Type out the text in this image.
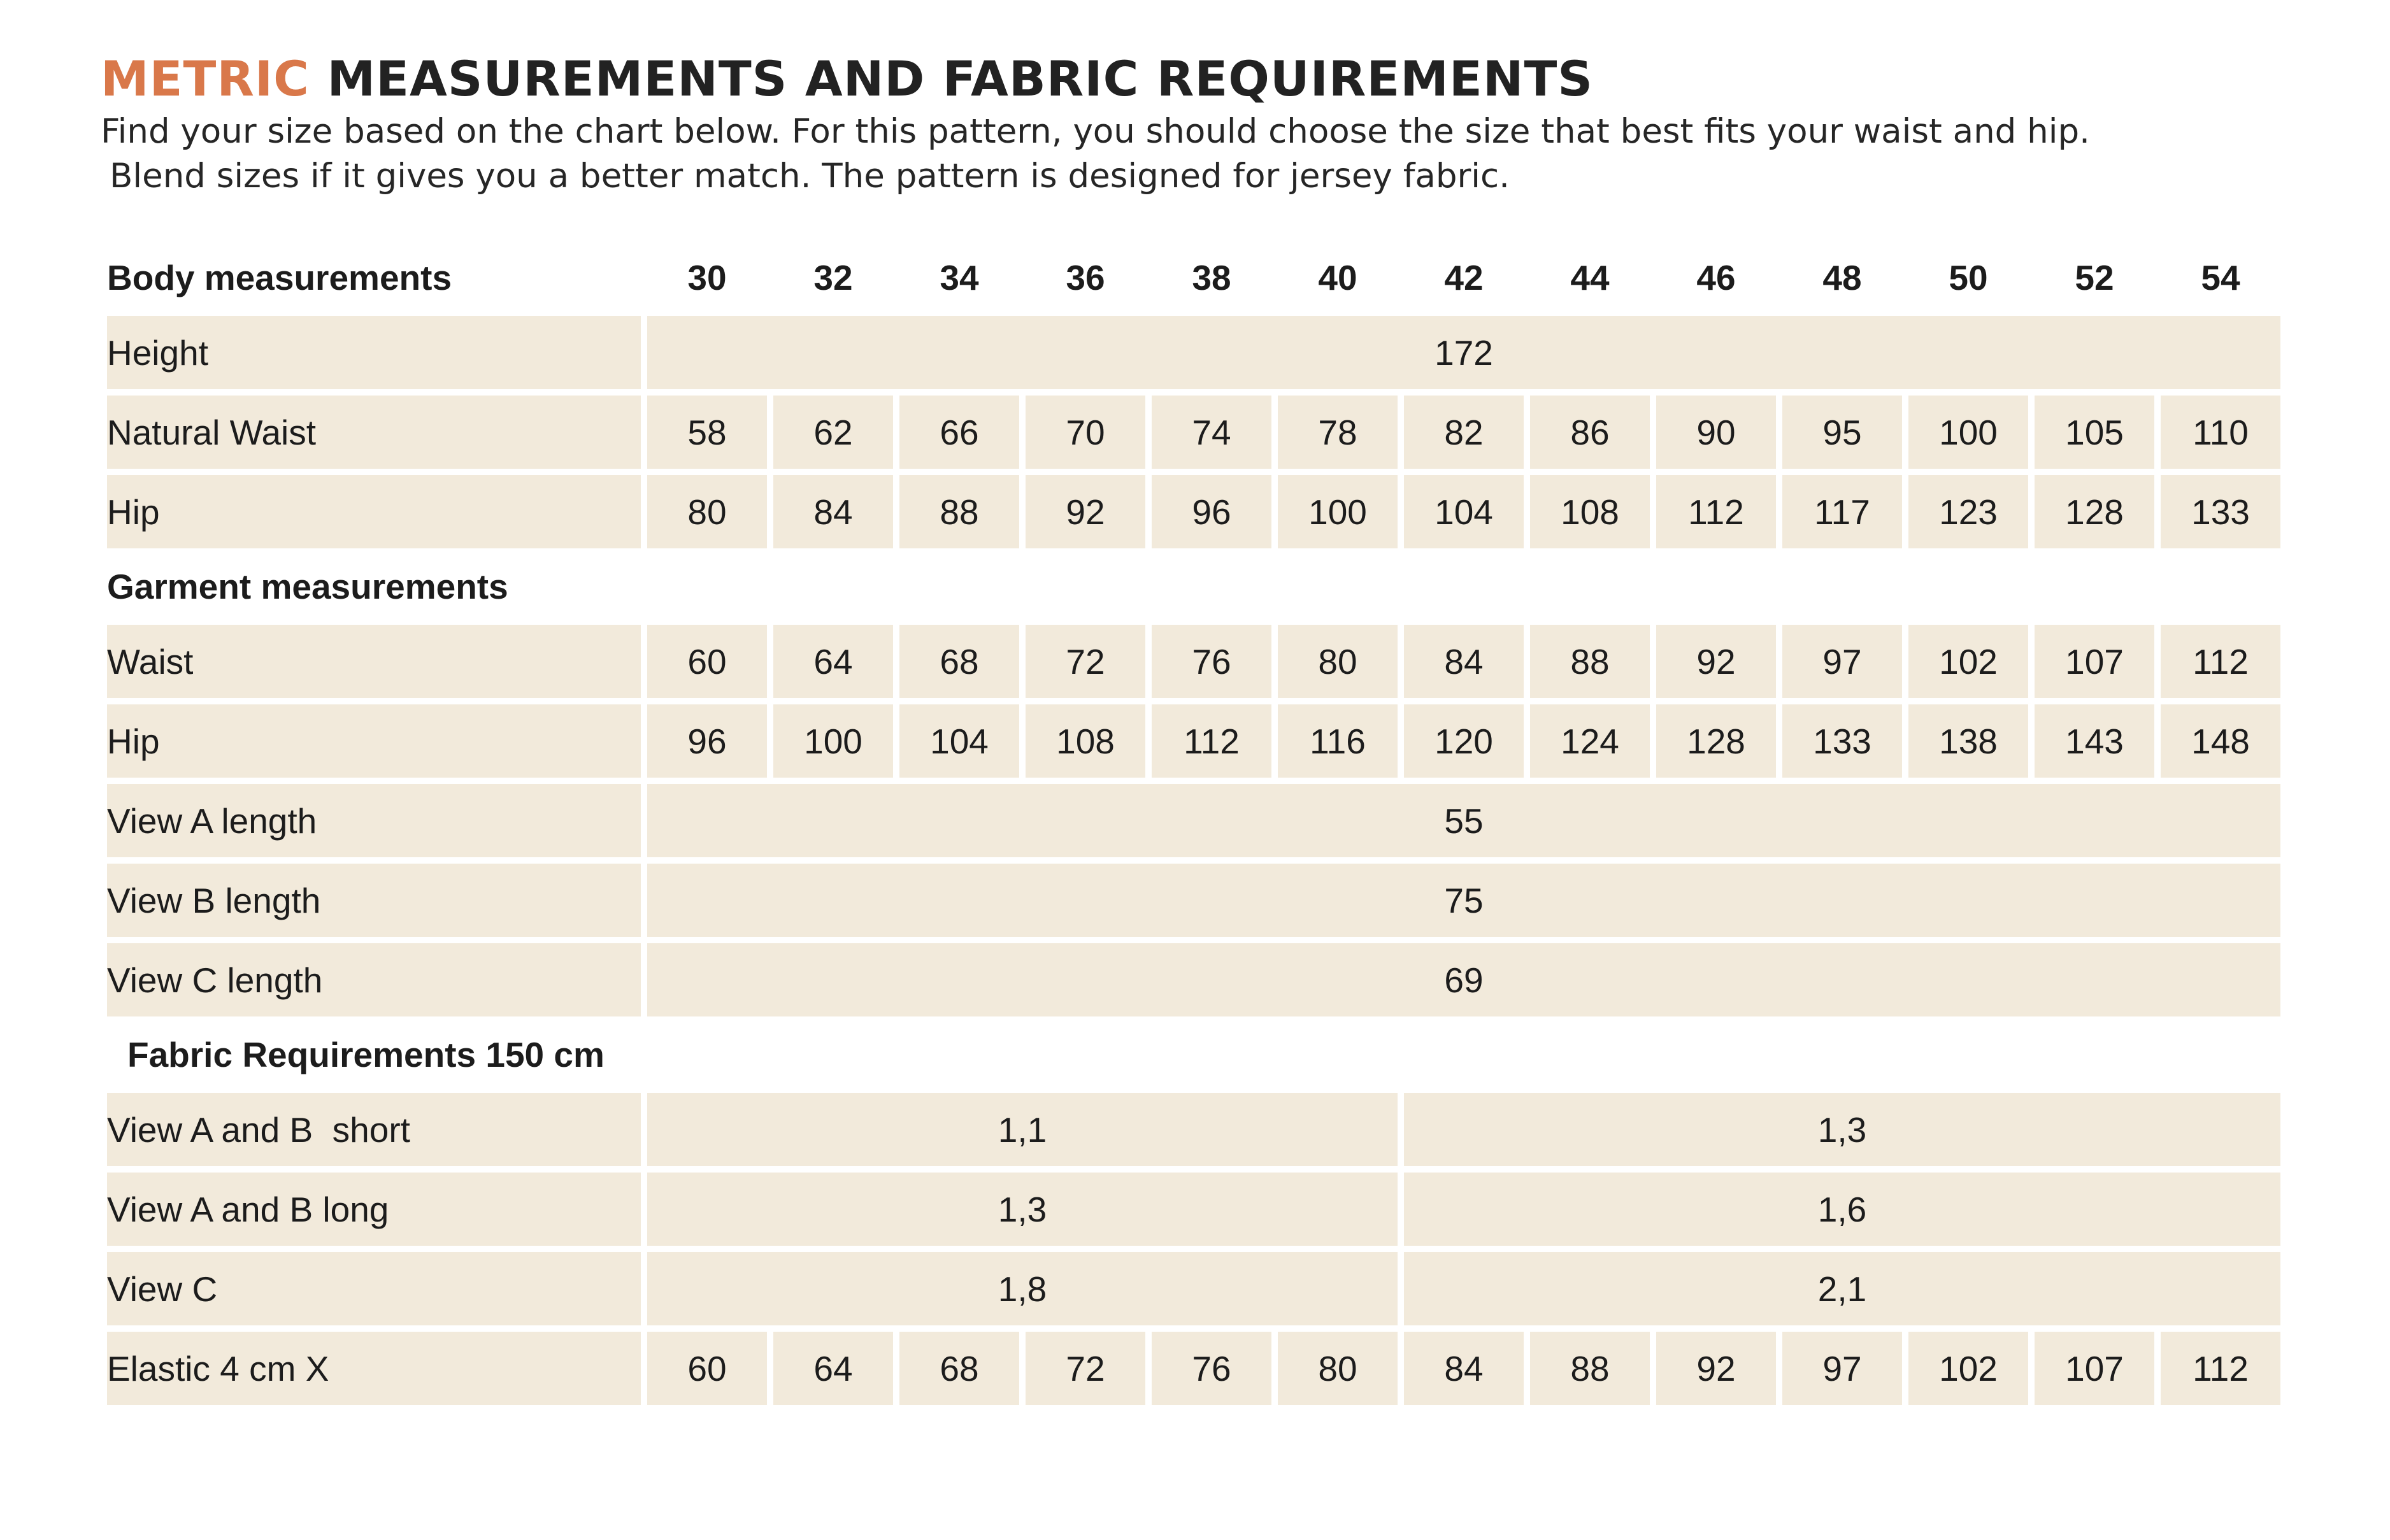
METRIC MEASUREMENTS AND FABRIC REQUIREMENTS
Find your size based on the chart below. For this pattern, you should choose the size that best fits your waist and hip.
Blend sizes if it gives you a better match. The pattern is designed for jersey fabric.
Body measurements	30	32	34	36	38	40	42	44	46	48	50	52	54
Height	172												
Natural Waist	58	62	66	70	74	78	82	86	90	95	100	105	110
Hip	80	84	88	92	96	100	104	108	112	117	123	128	133
Garment measurements													
Waist	60	64	68	72	76	80	84	88	92	97	102	107	112
Hip	96	100	104	108	112	116	120	124	128	133	138	143	148
View A length	55												
View B length	75												
View C length	69												
Fabric Requirements 150 cm													
View A and B  short	1,1						1,3						
View A and B long	1,3						1,6						
View C	1,8						2,1						
Elastic 4 cm X	60	64	68	72	76	80	84	88	92	97	102	107	112
